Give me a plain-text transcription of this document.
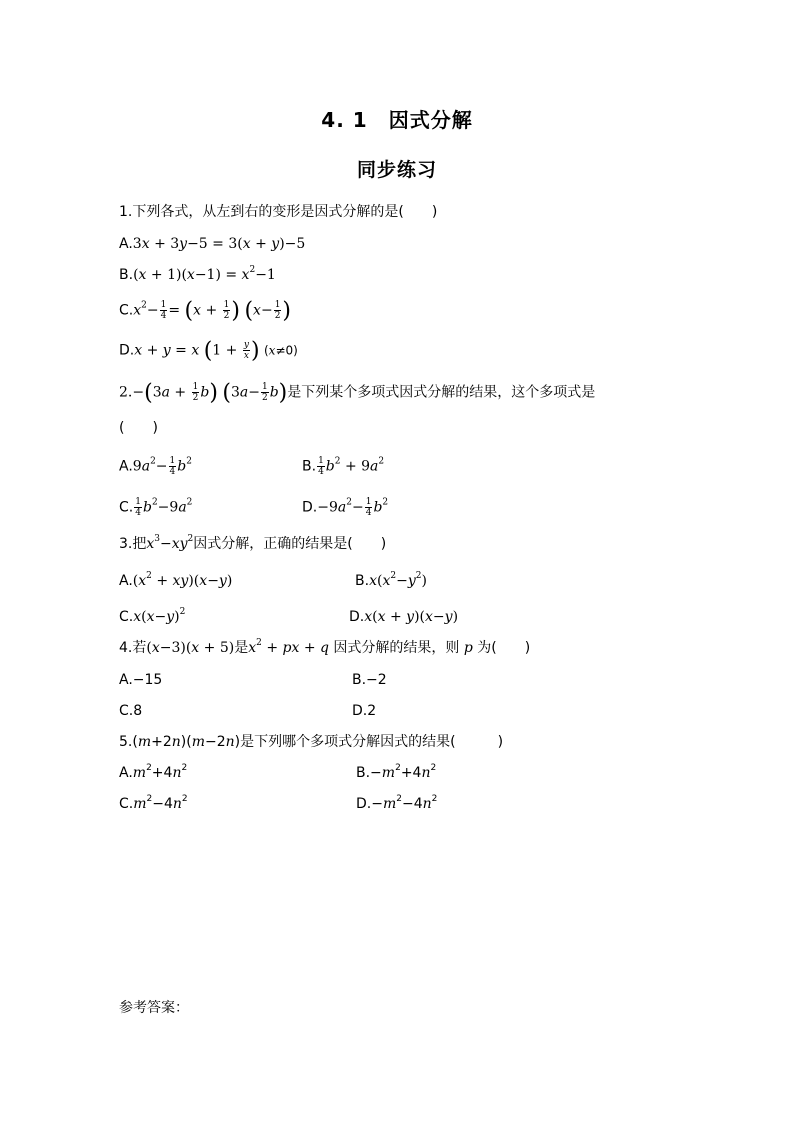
4. 1　因式分解
同步练习
1.下列各式，从左到右的变形是因式分解的是(　　)
A.3x + 3y−5 = 3(x + y)−5
$B.(x + 1)(x-1) = x^2-1$
$C.x^2- \frac{1}{4} = (x + \frac{1}{2}$ ) ($x- \frac{1}{2}$ )
D.x + y = x ($1 + \frac{y}{x}$ ) (x≠0)
$2.-(3a + \frac{1}{2} b)$ $(3a- \frac{1}{2} b)$是下列某个多项式因式分解的结果，这个多项式是
(　　)
$A.9a^2- \frac{1}{4} b^2$	B. $\frac{1}{4} b^2 + 9a^2$
C. $\frac{1}{4} b^2-9a^2$	$D.-9a^2- \frac{1}{4} b^2$
3.把$x^3-xy^2$因式分解，正确的结果是(　　)
$A.(x^2 + xy)(x-y)$	$B.x(x^2-y^2)$
$C.x(x-y)^2$	D.x(x + y)(x−y)
4.若(x−3)(x + 5)是$x^2$ + px + q 因式分解的结果，则 p 为(　　)
A.−15	B.−2
C.8	D.2
5.(m+2n)(m−2n)是下列哪个多项式分解因式的结果(　　　)
$A.m^2+4n^2$	$B.-m^2+4n^2$
$C.m^2-4n^2$	$D.-m^2-4n^2$
参考答案：
